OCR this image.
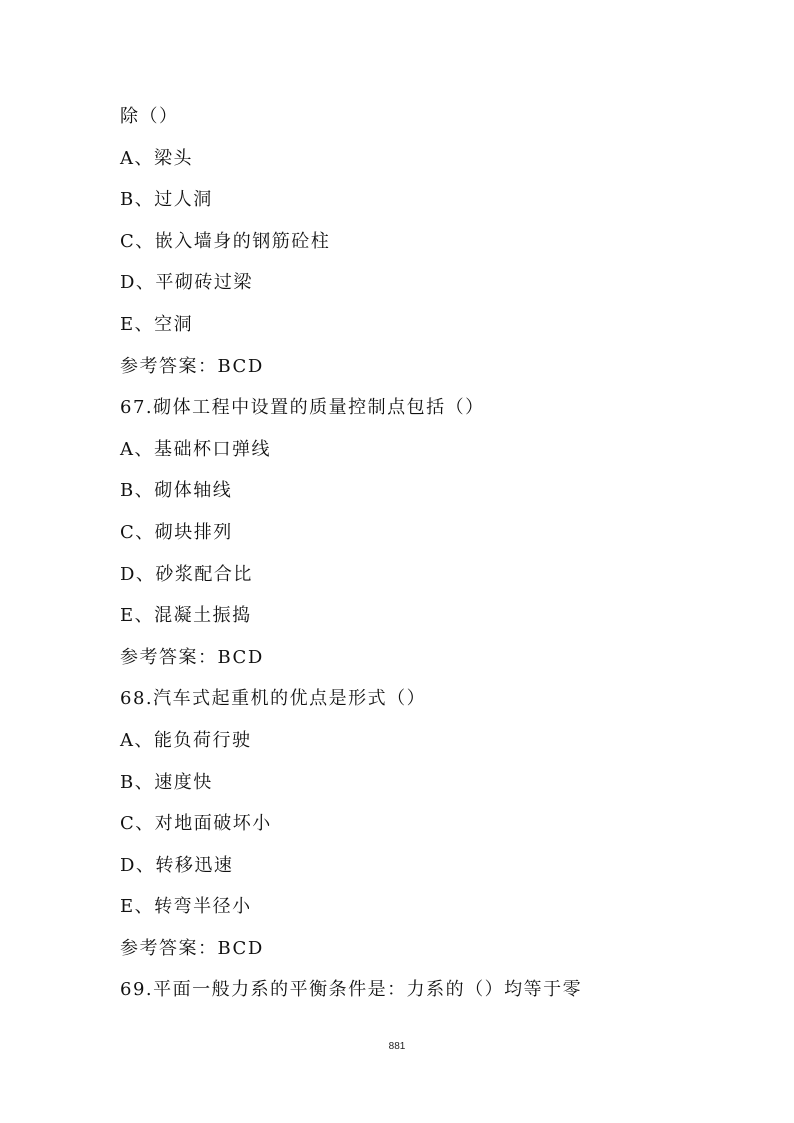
除（）
A、梁头
B、过人洞
C、嵌入墙身的钢筋砼柱
D、平砌砖过梁
E、空洞
参考答案：BCD
67.砌体工程中设置的质量控制点包括（）
A、基础杯口弹线
B、砌体轴线
C、砌块排列
D、砂浆配合比
E、混凝土振捣
参考答案：BCD
68.汽车式起重机的优点是形式（）
A、能负荷行驶
B、速度快
C、对地面破坏小
D、转移迅速
E、转弯半径小
参考答案：BCD
69.平面一般力系的平衡条件是：力系的（）均等于零
881
